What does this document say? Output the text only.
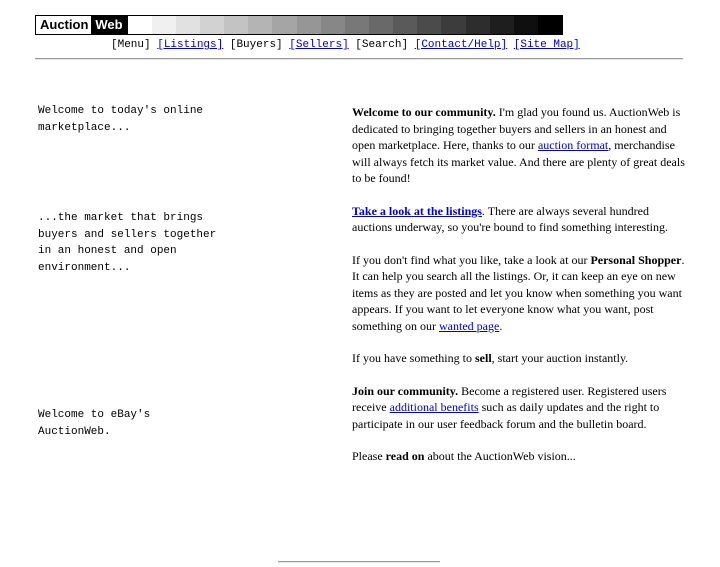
Auction Web
[Menu] [Listings] [Buyers] [Sellers] [Search] [Contact/Help] [Site Map]
Welcome to today's online
marketplace...
...the market that brings
buyers and sellers together
in an honest and open
environment...
Welcome to eBay's
AuctionWeb.

Welcome to our community. I'm glad you found us. AuctionWeb is dedicated to bringing together buyers and sellers in an honest and open marketplace. Here, thanks to our auction format, merchandise will always fetch its market value. And there are plenty of great deals to be found!

Take a look at the listings. There are always several hundred auctions underway, so you're bound to find something interesting.

If you don't find what you like, take a look at our Personal Shopper. It can help you search all the listings. Or, it can keep an eye on new items as they are posted and let you know when something you want appears. If you want to let everyone know what you want, post something on our wanted page.

If you have something to sell, start your auction instantly.

Join our community. Become a registered user. Registered users receive additional benefits such as daily updates and the right to participate in our user feedback forum and the bulletin board.

Please read on about the AuctionWeb vision...
